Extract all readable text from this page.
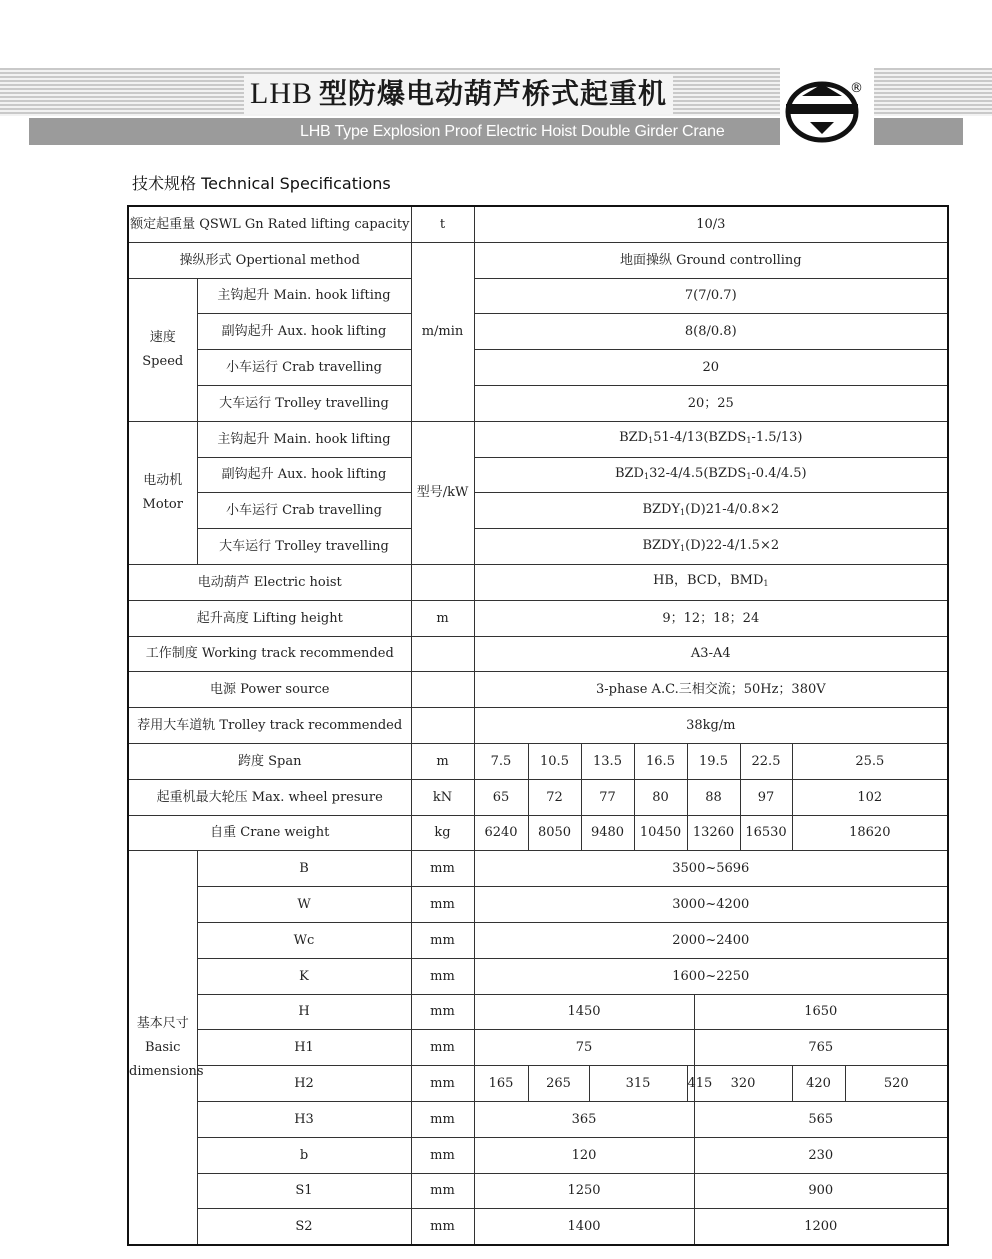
LHB 型防爆电动葫芦桥式起重机
LHB Type Explosion Proof Electric Hoist Double Girder Crane
®
技术规格 Technical Specifications
额定起重量 QSWL Gn Rated lifting capacity		t	10/3									
操纵形式 Opertional method		m/min	地面操纵 Ground controlling									
速度
Speed	主钩起升 Main. hook lifting		7(7/0.7)									
	副钩起升 Aux. hook lifting		8(8/0.8)									
	小车运行 Crab travelling		20									
	大车运行 Trolley travelling		20；25									
电动机
Motor	主钩起升 Main. hook lifting	型号/kW	$BZD_151-4/13(BZDS_1-1.5/13)$									
	副钩起升 Aux. hook lifting		$BZD_132-4/4.5(BZDS_1-0.4/4.5)$									
	小车运行 Crab travelling		$BZDY_1(D)21-4/0.8\times 2$									
	大车运行 Trolley travelling		$BZDY_1(D)22-4/1.5\times 2$									
电动葫芦 Electric hoist			HB，BCD，$BMD_1$
起升高度 Lifting height		m	9；12；18；24									
工作制度 Working track recommended			A3-A4									
电源 Power source			3-phase A.C.三相交流；50Hz；380V									
荐用大车道轨 Trolley track recommended			38kg/m									
跨度 Span		m	7.5	10.5	13.5		16.5	19.5		22.5	25.5	
起重机最大轮压 Max. wheel presure		kN	65	72	77		80	88		97	102	
自重 Crane weight		kg	6240	8050	9480		10450	13260		16530	18620	
基本尺寸
Basic
dimensions	B	mm	3500~5696									
	W	mm	3000~4200									
	Wc	mm	2000~2400									
	K	mm	1600~2250									
	H	mm	1450						1650			
	H1	mm	75						765			
	H2	mm	165	265		315		415	320		420	520
	H3	mm	365						565			
	b	mm	120						230			
	S1	mm	1250						900			
	S2	mm	1400						1200			
